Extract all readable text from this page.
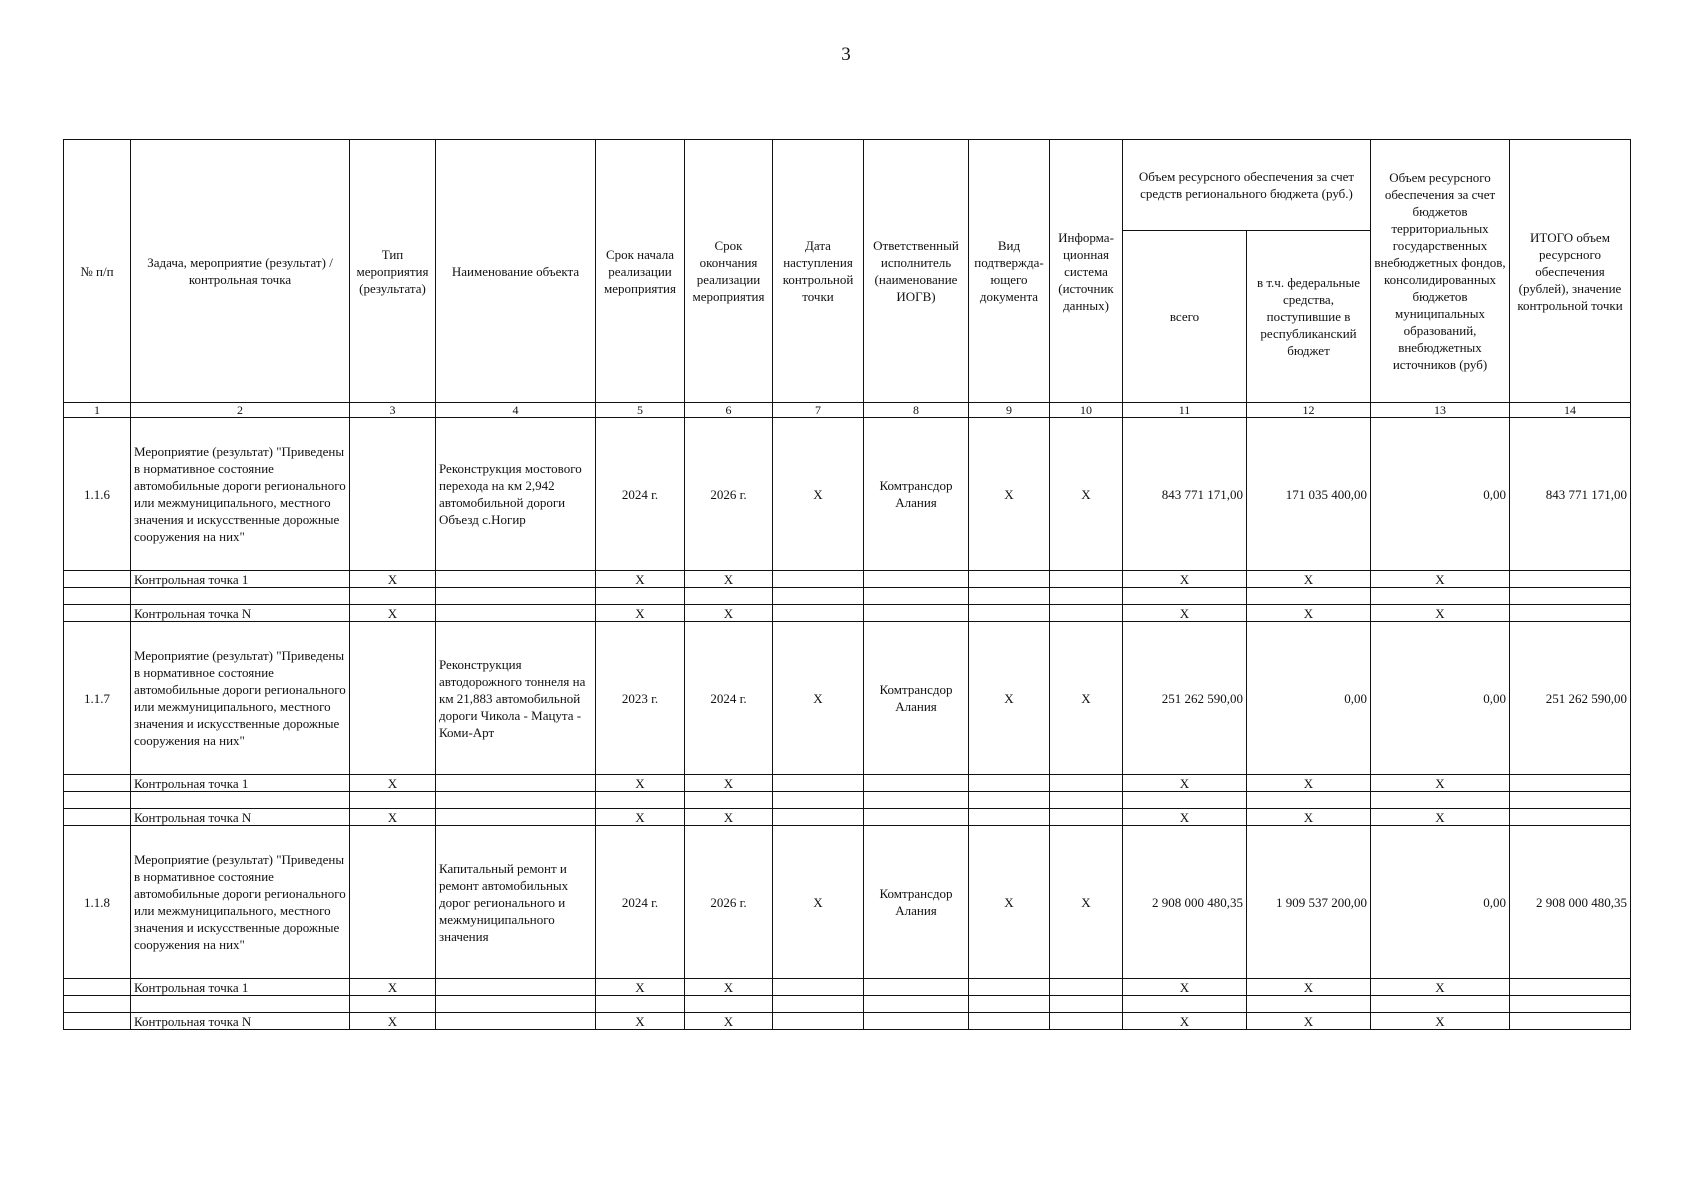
3
№ п/п	Задача, мероприятие (результат) / контрольная точка	Тип мероприятия (результата)	Наименование объекта	Срок начала реализации мероприятия	Срок окончания реализации мероприятия	Дата наступления контрольной точки	Ответственный исполнитель (наименование ИОГВ)	Вид подтвержда-ющего документа	Информа-ционная система (источник данных)	Объем ресурсного обеспечения за счет средств регионального бюджета (руб.)		Объем ресурсного обеспечения за счет бюджетов территориальных государственных внебюджетных фондов, консолидированных бюджетов муниципальных образований, внебюджетных источников (руб)	ИТОГО объем ресурсного обеспечения (рублей), значение контрольной точки
										всего	в т.ч. федеральные средства, поступившие в республиканский бюджет		
1	2	3	4	5	6	7	8	9	10	11	12	13	14
1.1.6	Мероприятие (результат) "Приведены в нормативное состояние автомобильные дороги регионального или межмуниципального, местного значения и искусственные дорожные сооружения на них"		Реконструкция мостового перехода на км 2,942 автомобильной дороги Объезд с.Ногир	2024 г.	2026 г.	X	Комтрансдор Алания	X	X	843 771 171,00	171 035 400,00	0,00	843 771 171,00
	Контрольная точка 1	X		X	X					X	X	X	

	Контрольная точка N	X		X	X					X	X	X	
1.1.7	Мероприятие (результат) "Приведены в нормативное состояние автомобильные дороги регионального или межмуниципального, местного значения и искусственные дорожные сооружения на них"		Реконструкция автодорожного тоннеля на км 21,883 автомобильной дороги Чикола - Мацута - Коми-Арт	2023 г.	2024 г.	X	Комтрансдор Алания	X	X	251 262 590,00	0,00	0,00	251 262 590,00
	Контрольная точка 1	X		X	X					X	X	X	

	Контрольная точка N	X		X	X					X	X	X	
1.1.8	Мероприятие (результат) "Приведены в нормативное состояние автомобильные дороги регионального или межмуниципального, местного значения и искусственные дорожные сооружения на них"		Капитальный ремонт и ремонт автомобильных дорог регионального и межмуниципального значения	2024 г.	2026 г.	X	Комтрансдор Алания	X	X	2 908 000 480,35	1 909 537 200,00	0,00	2 908 000 480,35
	Контрольная точка 1	X		X	X					X	X	X	

	Контрольная точка N	X		X	X					X	X	X	
